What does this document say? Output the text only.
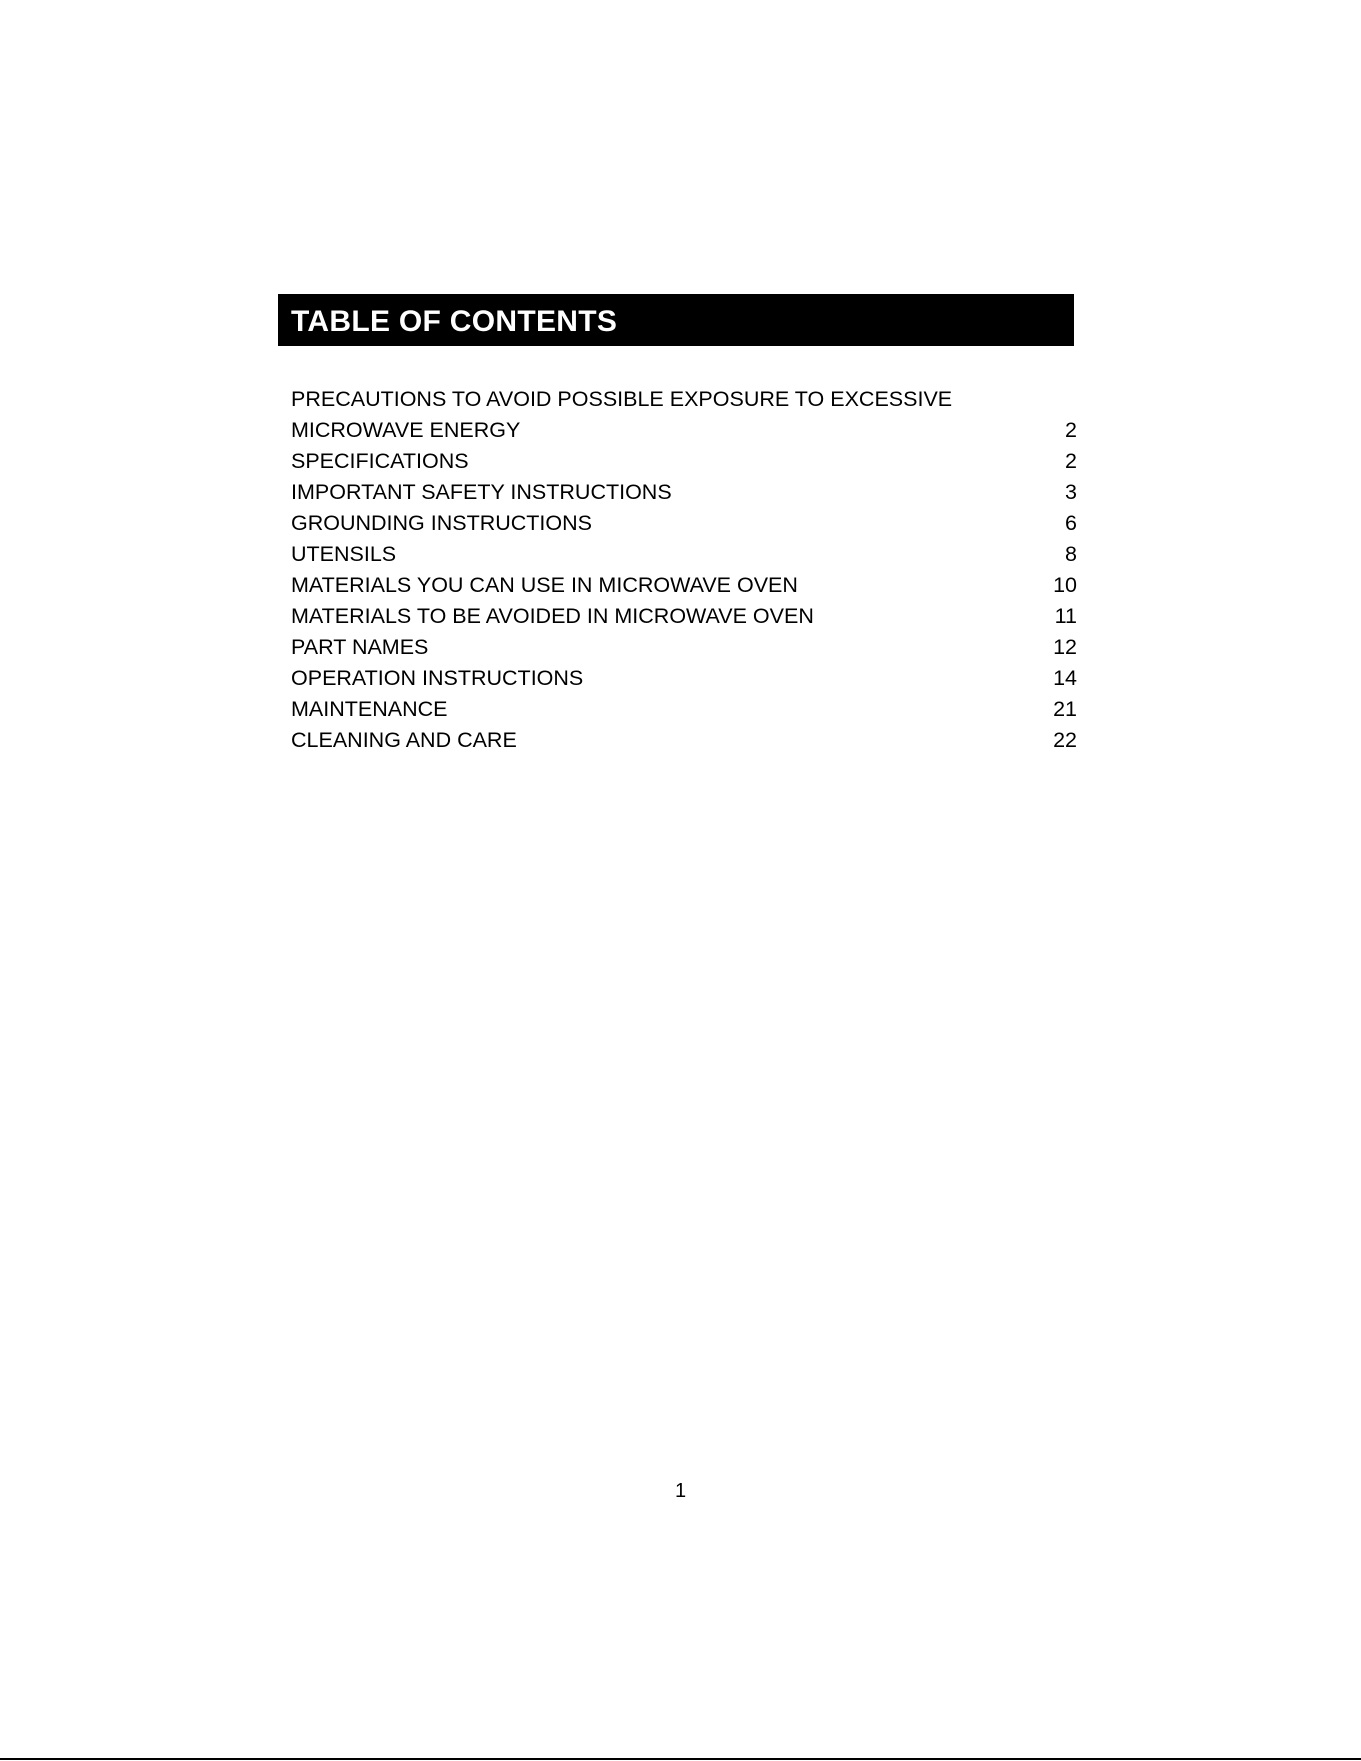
TABLE OF CONTENTS
PRECAUTIONS TO AVOID POSSIBLE EXPOSURE TO EXCESSIVE
MICROWAVE ENERGY	2
SPECIFICATIONS	2
IMPORTANT SAFETY INSTRUCTIONS	3
GROUNDING INSTRUCTIONS	6
UTENSILS	8
MATERIALS YOU CAN USE IN MICROWAVE OVEN	10
MATERIALS TO BE AVOIDED IN MICROWAVE OVEN	11
PART NAMES	12
OPERATION INSTRUCTIONS	14
MAINTENANCE	21
CLEANING AND CARE	22
1
